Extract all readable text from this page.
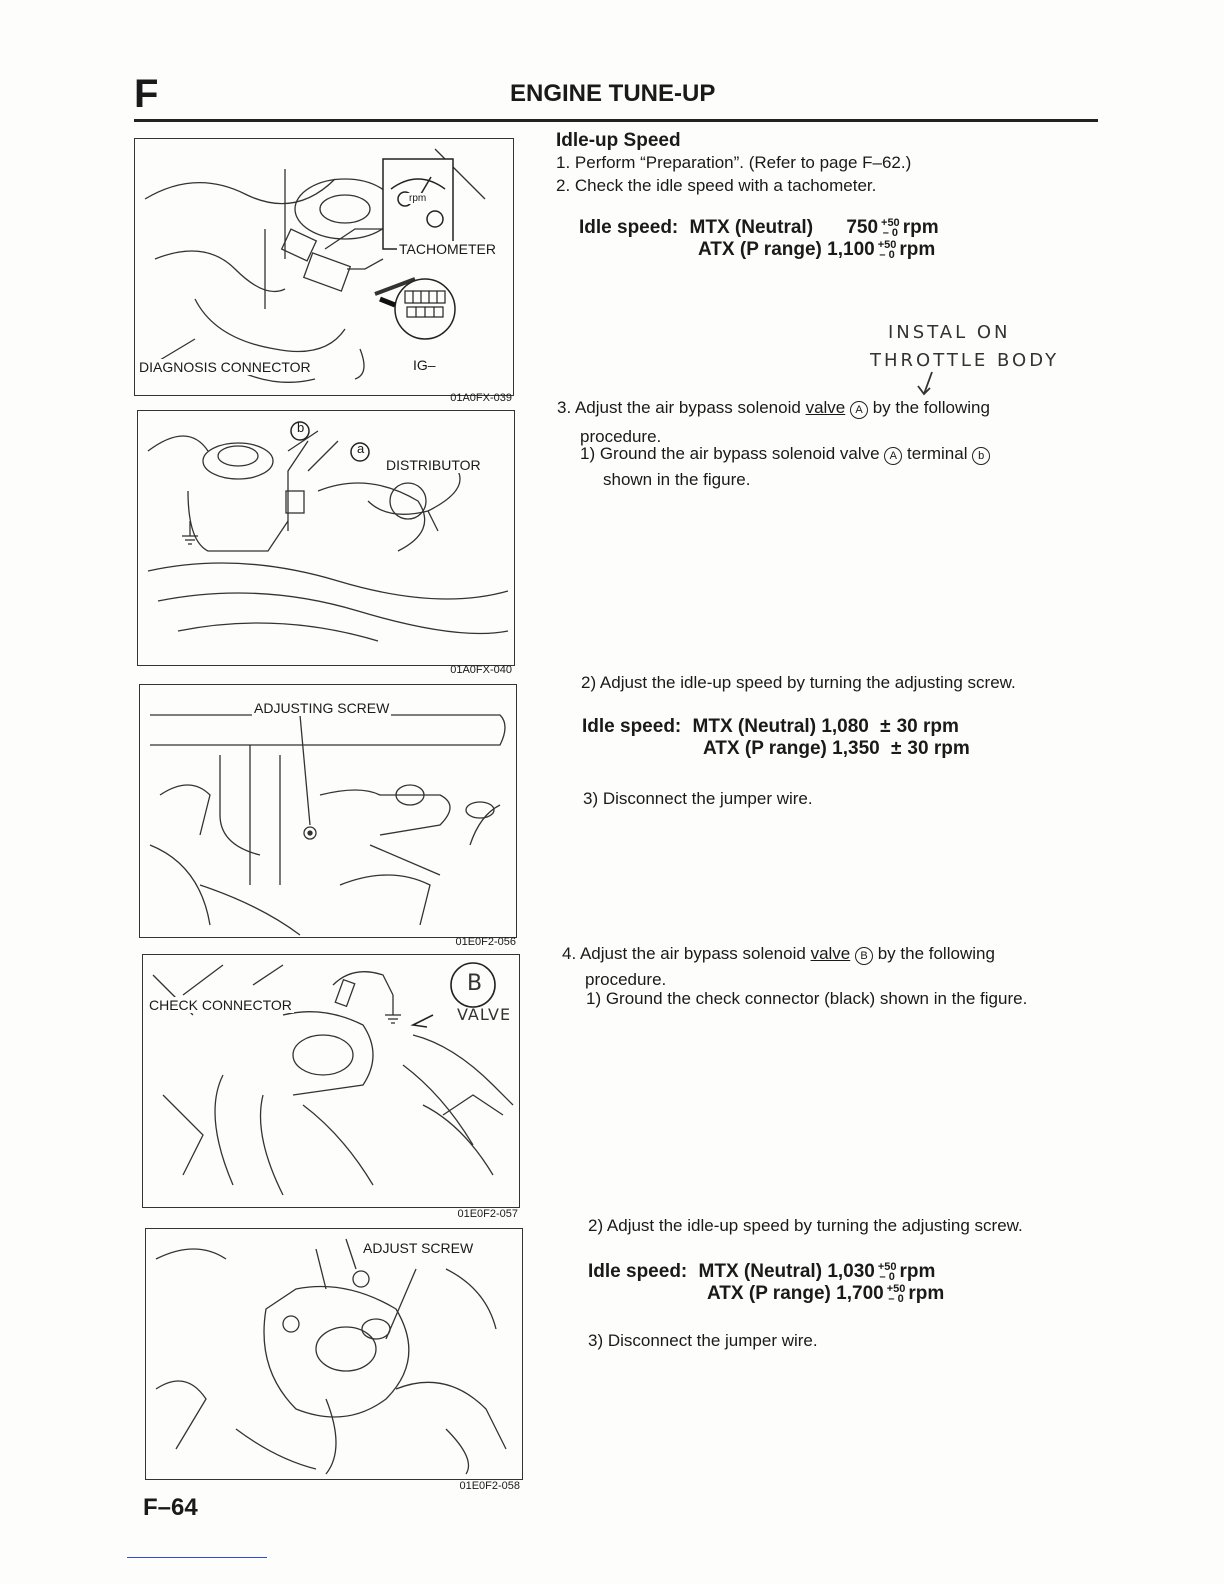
F	ENGINE TUNE-UP
rpm
TACHOMETER
DIAGNOSIS CONNECTOR	IG–
01A0FX-039
b
a
DISTRIBUTOR
01A0FX-040
ADJUSTING SCREW
01E0F2-056
CHECK CONNECTOR
B
VALVE
01E0F2-057
ADJUST SCREW
01E0F2-058
Idle-up Speed
1. Perform “Preparation”. (Refer to page F–62.)
2. Check the idle speed with a tachometer.
Idle speed: MTX (Neutral) 750 +50
– 0 rpm
ATX (P range) 1,100 +50
– 0 rpm
INSTAL ON
THROTTLE BODY
3. Adjust the air bypass solenoid valve A by the following
procedure.
1) Ground the air bypass solenoid valve A terminal b
shown in the figure.
2) Adjust the idle-up speed by turning the adjusting screw.
Idle speed: MTX (Neutral) 1,080 ± 30 rpm
ATX (P range) 1,350 ± 30 rpm
3) Disconnect the jumper wire.
4. Adjust the air bypass solenoid valve B by the following
procedure.
1) Ground the check connector (black) shown in the figure.
2) Adjust the idle-up speed by turning the adjusting screw.
Idle speed: MTX (Neutral) 1,030 +50
– 0 rpm
ATX (P range) 1,700 +50
– 0 rpm
3) Disconnect the jumper wire.
F–64
